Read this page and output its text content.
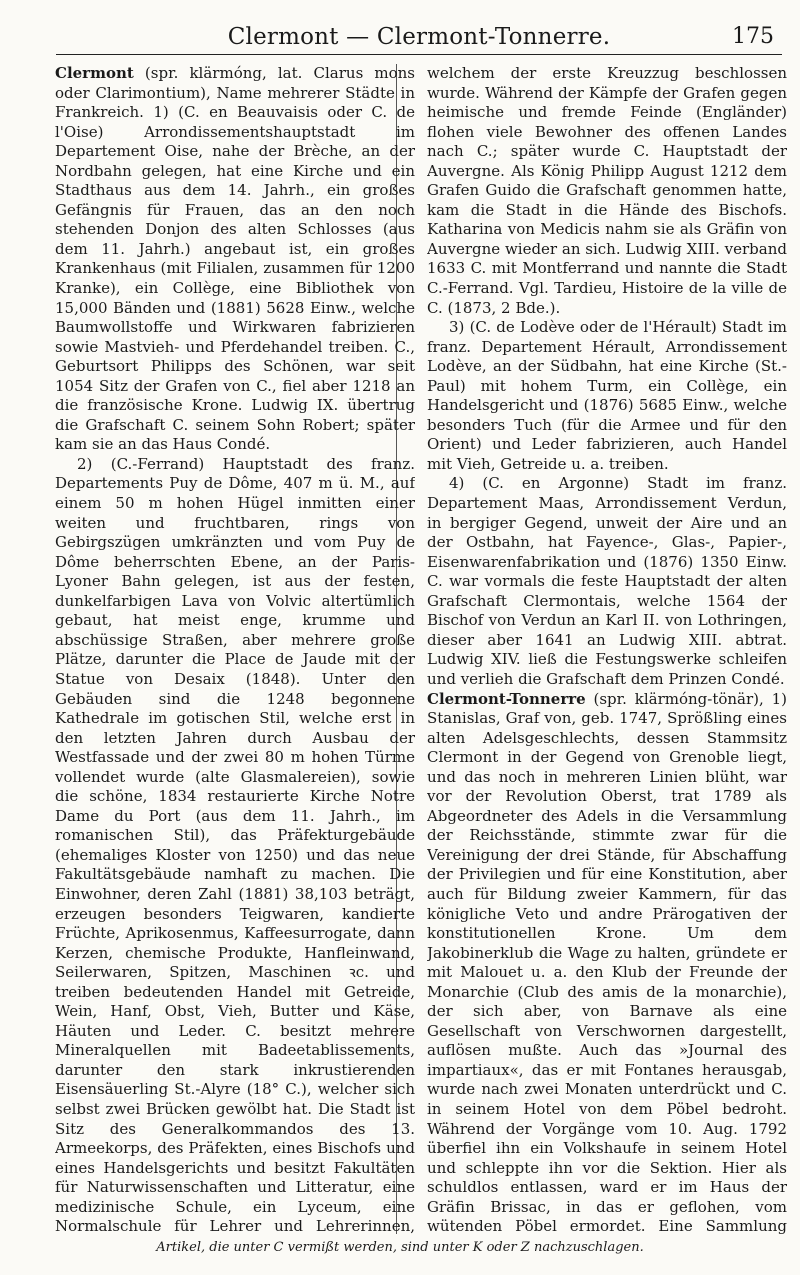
Clermont — Clermont-Tonnerre.	175

Clermont (spr. klärmóng, lat. Clarus mons oder Clarimontium), Name mehrerer Städte in Frankreich. 1) (C. en Beauvaisis oder C. de l'Oise) Arrondissementshauptstadt im Departement Oise, nahe der Brèche, an der Nordbahn gelegen, hat eine Kirche und ein Stadthaus aus dem 14. Jahrh., ein großes Gefängnis für Frauen, das an den noch stehenden Donjon des alten Schlosses (aus dem 11. Jahrh.) angebaut ist, ein großes Krankenhaus (mit Filialen, zusammen für 1200 Kranke), ein Collège, eine Bibliothek von 15,000 Bänden und (1881) 5628 Einw., welche Baumwollstoffe und Wirkwaren fabrizieren sowie Mastvieh- und Pferdehandel treiben. C., Geburtsort Philipps des Schönen, war seit 1054 Sitz der Grafen von C., fiel aber 1218 an die französische Krone. Ludwig IX. übertrug die Grafschaft C. seinem Sohn Robert; später kam sie an das Haus Condé.

2) (C.-Ferrand) Hauptstadt des franz. Departements Puy de Dôme, 407 m ü. M., auf einem 50 m hohen Hügel inmitten einer weiten und fruchtbaren, rings von Gebirgszügen umkränzten und vom Puy de Dôme beherrschten Ebene, an der Paris-Lyoner Bahn gelegen, ist aus der festen, dunkelfarbigen Lava von Volvic altertümlich gebaut, hat meist enge, krumme und abschüssige Straßen, aber mehrere große Plätze, darunter die Place de Jaude mit der Statue von Desaix (1848). Unter den Gebäuden sind die 1248 begonnene Kathedrale im gotischen Stil, welche erst in den letzten Jahren durch Ausbau der Westfassade und der zwei 80 m hohen Türme vollendet wurde (alte Glasmalereien), sowie die schöne, 1834 restaurierte Kirche Notre Dame du Port (aus dem 11. Jahrh., im romanischen Stil), das Präfekturgebäude (ehemaliges Kloster von 1250) und das neue Fakultätsgebäude namhaft zu machen. Die Einwohner, deren Zahl (1881) 38,103 beträgt, erzeugen besonders Teigwaren, kandierte Früchte, Aprikosenmus, Kaffeesurrogate, dann Kerzen, chemische Produkte, Hanfleinwand, Seilerwaren, Spitzen, Maschinen ꝛc. und treiben bedeutenden Handel mit Getreide, Wein, Hanf, Obst, Vieh, Butter und Käse, Häuten und Leder. C. besitzt mehrere Mineralquellen mit Badeetablissements, darunter den stark inkrustierenden Eisensäuerling St.-Alyre (18° C.), welcher sich selbst zwei Brücken gewölbt hat. Die Stadt ist Sitz des Generalkommandos des 13. Armeekorps, des Präfekten, eines Bischofs und eines Handelsgerichts und besitzt Fakultäten für Naturwissenschaften und Litteratur, eine medizinische Schule, ein Lyceum, eine Normalschule für Lehrer und Lehrerinnen,

welchem der erste Kreuzzug beschlossen wurde. Während der Kämpfe der Grafen gegen heimische und fremde Feinde (Engländer) flohen viele Bewohner des offenen Landes nach C.; später wurde C. Hauptstadt der Auvergne. Als König Philipp August 1212 dem Grafen Guido die Grafschaft genommen hatte, kam die Stadt in die Hände des Bischofs. Katharina von Medicis nahm sie als Gräfin von Auvergne wieder an sich. Ludwig XIII. verband 1633 C. mit Montferrand und nannte die Stadt C.-Ferrand. Vgl. Tardieu, Histoire de la ville de C. (1873, 2 Bde.).

3) (C. de Lodève oder de l'Hérault) Stadt im franz. Departement Hérault, Arrondissement Lodève, an der Südbahn, hat eine Kirche (St.-Paul) mit hohem Turm, ein Collège, ein Handelsgericht und (1876) 5685 Einw., welche besonders Tuch (für die Armee und für den Orient) und Leder fabrizieren, auch Handel mit Vieh, Getreide u. a. treiben.

4) (C. en Argonne) Stadt im franz. Departement Maas, Arrondissement Verdun, in bergiger Gegend, unweit der Aire und an der Ostbahn, hat Fayence-, Glas-, Papier-, Eisenwarenfabrikation und (1876) 1350 Einw. C. war vormals die feste Hauptstadt der alten Grafschaft Clermontais, welche 1564 der Bischof von Verdun an Karl II. von Lothringen, dieser aber 1641 an Ludwig XIII. abtrat. Ludwig XIV. ließ die Festungswerke schleifen und verlieh die Grafschaft dem Prinzen Condé.

Clermont-Tonnerre (spr. klärmóng-tönär), 1) Stanislas, Graf von, geb. 1747, Sprößling eines alten Adelsgeschlechts, dessen Stammsitz Clermont in der Gegend von Grenoble liegt, und das noch in mehreren Linien blüht, war vor der Revolution Oberst, trat 1789 als Abgeordneter des Adels in die Versammlung der Reichsstände, stimmte zwar für die Vereinigung der drei Stände, für Abschaffung der Privilegien und für eine Konstitution, aber auch für Bildung zweier Kammern, für das königliche Veto und andre Prärogativen der konstitutionellen Krone. Um dem Jakobinerklub die Wage zu halten, gründete er mit Malouet u. a. den Klub der Freunde der Monarchie (Club des amis de la monarchie), der sich aber, von Barnave als eine Gesellschaft von Verschwornen dargestellt, auflösen mußte. Auch das »Journal des impartiaux«, das er mit Fontanes herausgab, wurde nach zwei Monaten unterdrückt und C. in seinem Hotel von dem Pöbel bedroht. Während der Vorgänge vom 10. Aug. 1792 überfiel ihn ein Volkshaufe in seinem Hotel und schleppte ihn vor die Sektion. Hier als schuldlos entlassen, ward er im Haus der Gräfin Brissac, in das er geflohen, vom wütenden Pöbel ermordet. Eine Sammlung

Artikel, die unter C vermißt werden, sind unter K oder Z nachzuschlagen.
